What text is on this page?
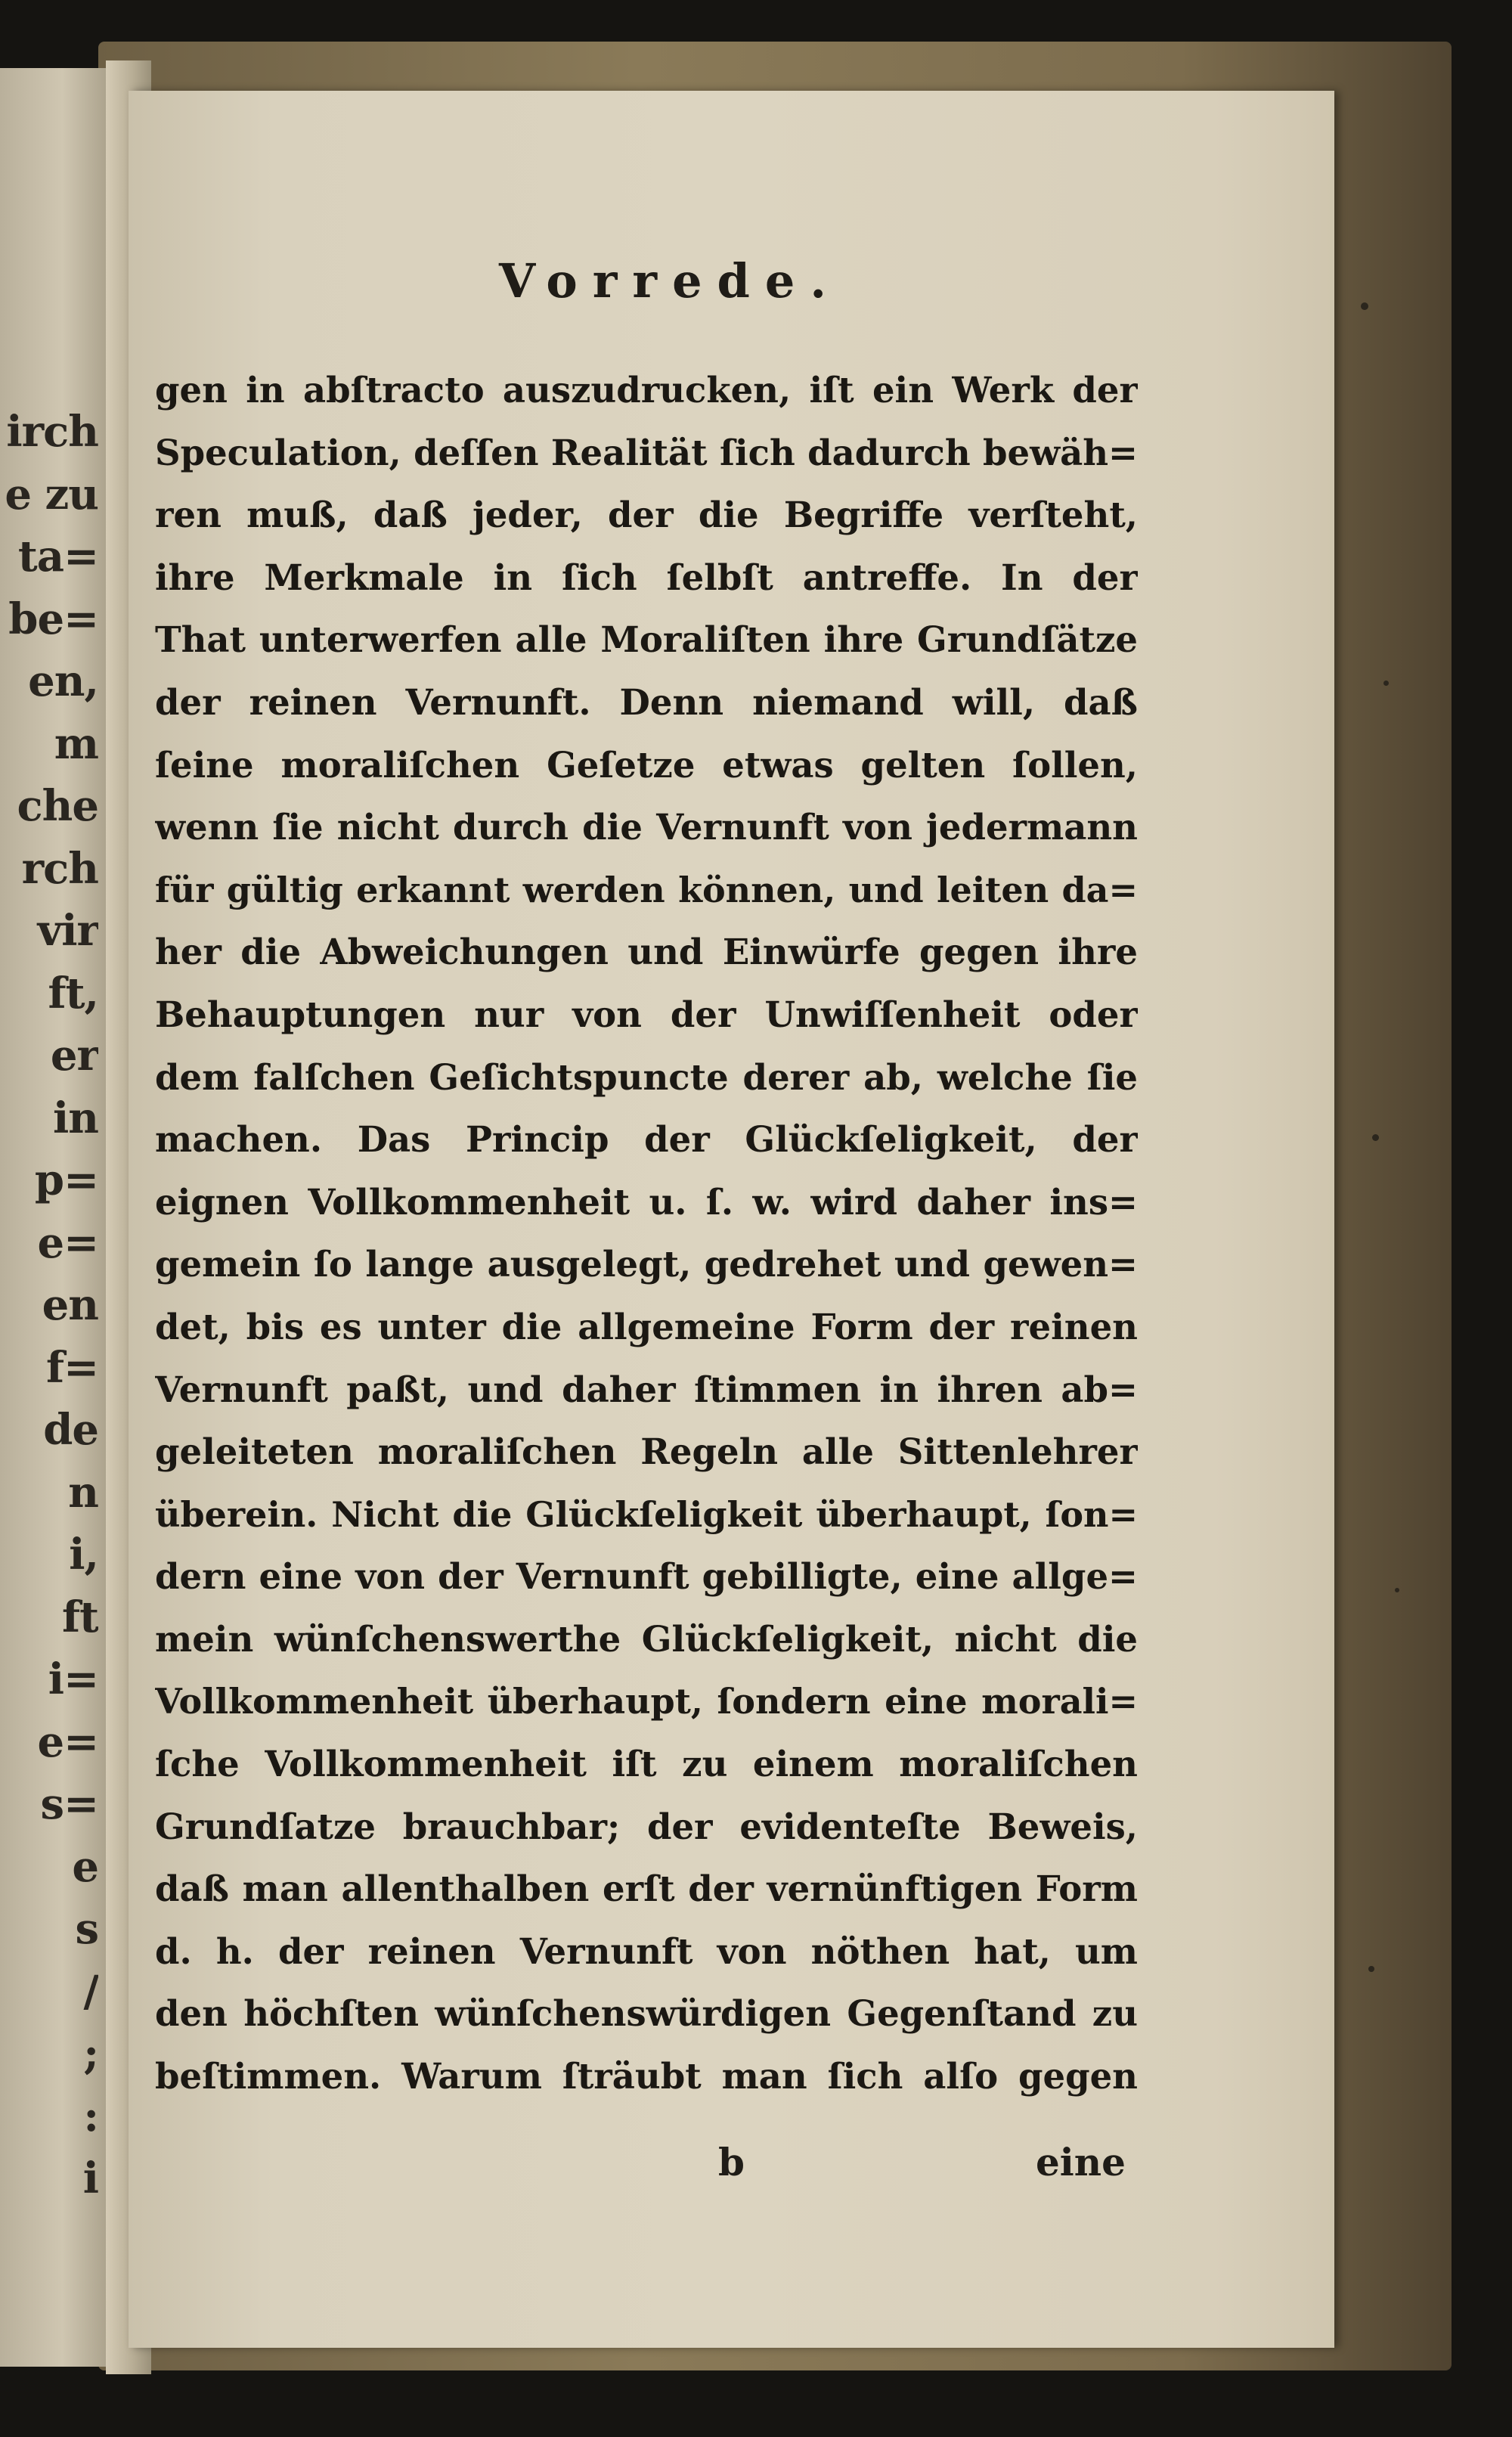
irch
e zu
ta=
be=
en,
m
che
rch
vir
ft,
er
in
p=
e=
en
f=
de
n
i,
ft
i=
e=
s=
e
s
/
;
:
i
Vorrede.
gen in abſtracto auszudrucken, iſt ein Werk der
Speculation, deſſen Realität ſich dadurch bewäh=
ren muß, daß jeder, der die Begriffe verſteht,
ihre Merkmale in ſich ſelbſt antreffe. In der
That unterwerfen alle Moraliſten ihre Grundſätze
der reinen Vernunft. Denn niemand will, daß
ſeine moraliſchen Geſetze etwas gelten ſollen,
wenn ſie nicht durch die Vernunft von jedermann
für gültig erkannt werden können, und leiten da=
her die Abweichungen und Einwürfe gegen ihre
Behauptungen nur von der Unwiſſenheit oder
dem falſchen Geſichtspuncte derer ab, welche ſie
machen. Das Princip der Glückſeligkeit, der
eignen Vollkommenheit u. ſ. w. wird daher ins=
gemein ſo lange ausgelegt, gedrehet und gewen=
det, bis es unter die allgemeine Form der reinen
Vernunft paßt, und daher ſtimmen in ihren ab=
geleiteten moraliſchen Regeln alle Sittenlehrer
überein. Nicht die Glückſeligkeit überhaupt, ſon=
dern eine von der Vernunft gebilligte, eine allge=
mein wünſchenswerthe Glückſeligkeit, nicht die
Vollkommenheit überhaupt, ſondern eine morali=
ſche Vollkommenheit iſt zu einem moraliſchen
Grundſatze brauchbar; der evidenteſte Beweis,
daß man allenthalben erſt der vernünftigen Form
d. h. der reinen Vernunft von nöthen hat, um
den höchſten wünſchenswürdigen Gegenſtand zu
beſtimmen. Warum ſträubt man ſich alſo gegen
b	eine
